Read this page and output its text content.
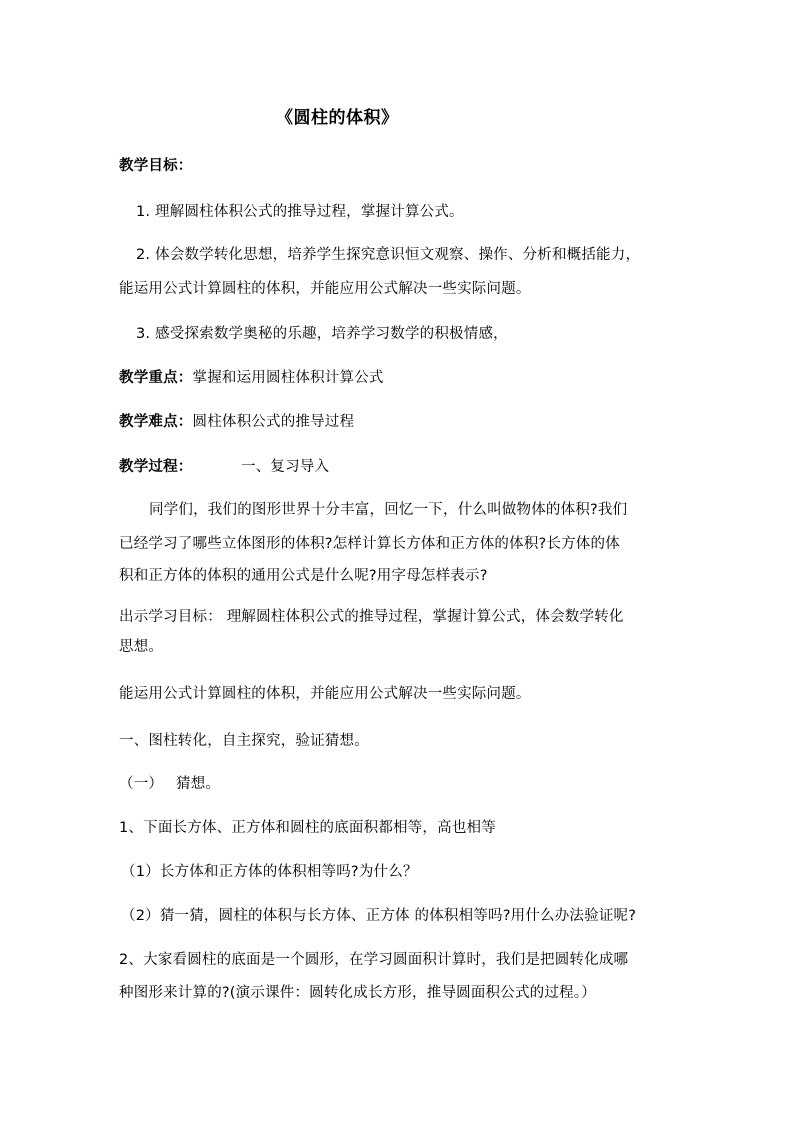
《圆柱的体积》
教学目标：
1. 理解圆柱体积公式的推导过程，掌握计算公式。
2. 体会数学转化思想，培养学生探究意识恒文观察、操作、分析和概括能力，
能运用公式计算圆柱的体积，并能应用公式解决一些实际问题。
3. 感受探索数学奥秘的乐趣，培养学习数学的积极情感，
教学重点：掌握和运用圆柱体积计算公式
教学难点：圆柱体积公式的推导过程
教学过程：	一、复习导入
同学们，我们的图形世界十分丰富，回忆一下，什么叫做物体的体积?我们
已经学习了哪些立体图形的体积?怎样计算长方体和正方体的体积?长方体的体
积和正方体的体积的通用公式是什么呢?用字母怎样表示?
出示学习目标： 理解圆柱体积公式的推导过程，掌握计算公式，体会数学转化
思想。
能运用公式计算圆柱的体积，并能应用公式解决一些实际问题。
一、图柱转化，自主探究，验证猜想。
（一） 猜想。
1、下面长方体、正方体和圆柱的底面积都相等，高也相等
（1）长方体和正方体的体积相等吗?为什么？
（2）猜一猜，圆柱的体积与长方体、正方体 的体积相等吗?用什么办法验证呢?
2、大家看圆柱的底面是一个圆形，在学习圆面积计算时，我们是把圆转化成哪
种图形来计算的?(演示课件：圆转化成长方形，推导圆面积公式的过程。）
